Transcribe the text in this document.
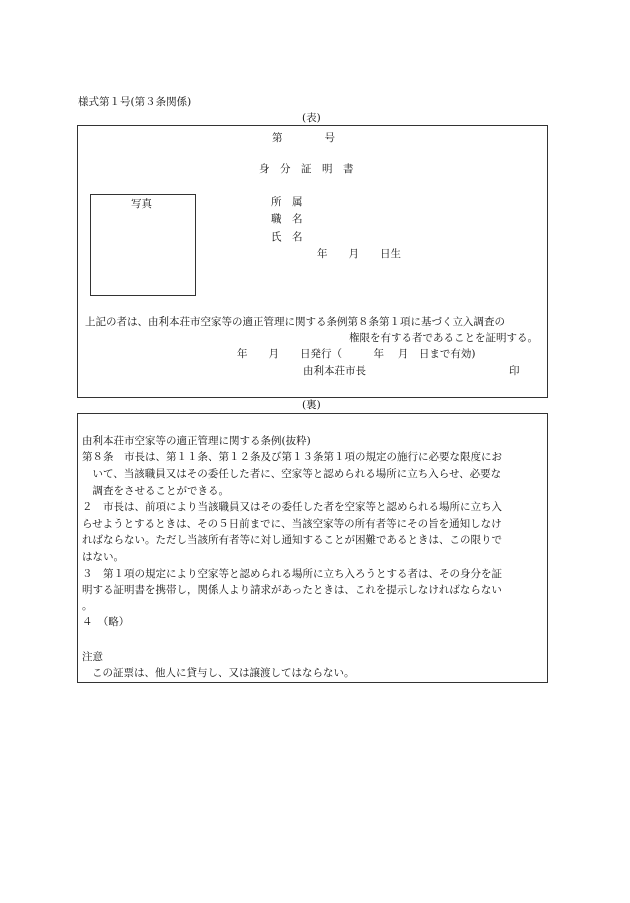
様式第１号(第３条関係)
(表)
第　　　　号
身　分　証　明　書
写真	所　属
職　名
氏　名
年　　月　　日生
上記の者は、由利本荘市空家等の適正管理に関する条例第８条第１項に基づく立入調査の
権限を有する者であることを証明する。
年　　月　　日発行（　　　年　 月　日まで有効)
由利本荘市長	印
(裏)
由利本荘市空家等の適正管理に関する条例(抜粋)
第８条　市長は、第１１条、第１２条及び第１３条第１項の規定の施行に必要な限度にお
　いて、当該職員又はその委任した者に、空家等と認められる場所に立ち入らせ、必要な
　調査をさせることができる。
２　市長は、前項により当該職員又はその委任した者を空家等と認められる場所に立ち入
らせようとするときは、その５日前までに、当該空家等の所有者等にその旨を通知しなけ
ればならない。ただし当該所有者等に対し通知することが困難であるときは、この限りで
はない。
３　第１項の規定により空家等と認められる場所に立ち入ろうとする者は、その身分を証
明する証明書を携帯し，関係人より請求があったときは、これを提示しなければならない
。
４　（略）
注意
この証票は、他人に貸与し、又は譲渡してはならない。
